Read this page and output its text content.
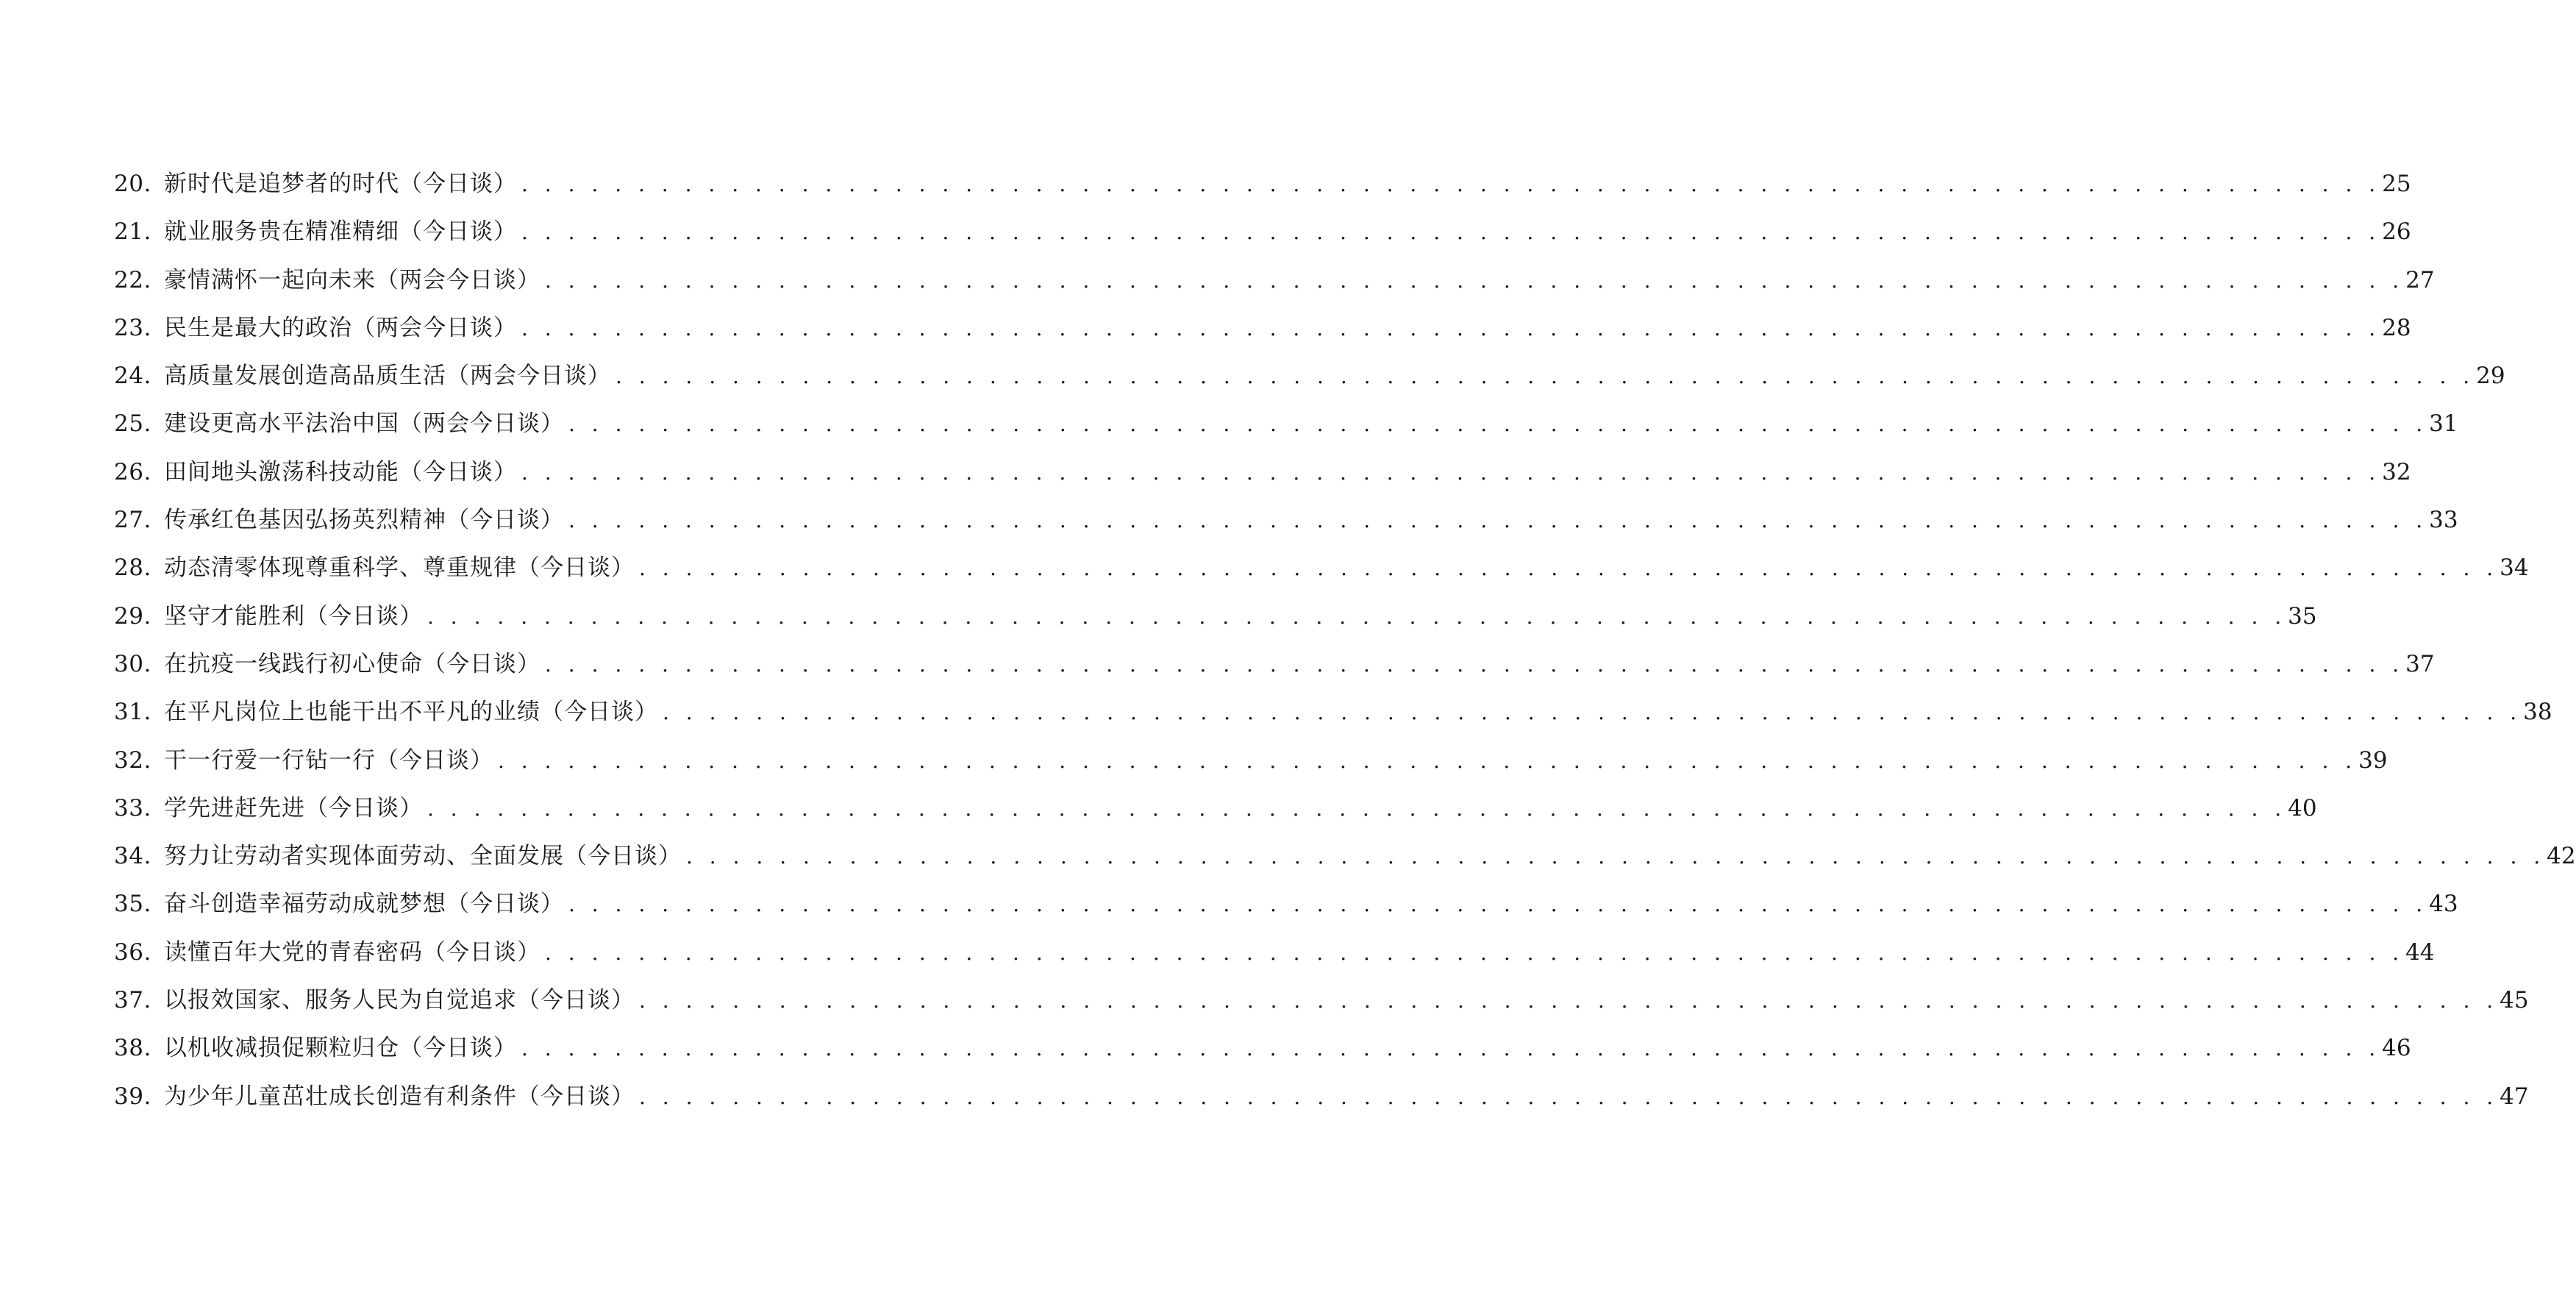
20. 新时代是追梦者的时代（今日谈） . . . . . . . . . . . . . . . . . . . . . . . . . . . . . . . . . . . . . . . . . . . . . . . . . . . . . . . . . . . . . . . . . . . . . . . . . . . . . . . . 25
21. 就业服务贵在精准精细（今日谈） . . . . . . . . . . . . . . . . . . . . . . . . . . . . . . . . . . . . . . . . . . . . . . . . . . . . . . . . . . . . . . . . . . . . . . . . . . . . . . . . 26
22. 豪情满怀一起向未来（两会今日谈） . . . . . . . . . . . . . . . . . . . . . . . . . . . . . . . . . . . . . . . . . . . . . . . . . . . . . . . . . . . . . . . . . . . . . . . . . . . . . . . . 27
23. 民生是最大的政治（两会今日谈） . . . . . . . . . . . . . . . . . . . . . . . . . . . . . . . . . . . . . . . . . . . . . . . . . . . . . . . . . . . . . . . . . . . . . . . . . . . . . . . . 28
24. 高质量发展创造高品质生活（两会今日谈） . . . . . . . . . . . . . . . . . . . . . . . . . . . . . . . . . . . . . . . . . . . . . . . . . . . . . . . . . . . . . . . . . . . . . . . . . . . . . . . . 29
25. 建设更高水平法治中国（两会今日谈） . . . . . . . . . . . . . . . . . . . . . . . . . . . . . . . . . . . . . . . . . . . . . . . . . . . . . . . . . . . . . . . . . . . . . . . . . . . . . . . . 31
26. 田间地头激荡科技动能（今日谈） . . . . . . . . . . . . . . . . . . . . . . . . . . . . . . . . . . . . . . . . . . . . . . . . . . . . . . . . . . . . . . . . . . . . . . . . . . . . . . . . 32
27. 传承红色基因弘扬英烈精神（今日谈） . . . . . . . . . . . . . . . . . . . . . . . . . . . . . . . . . . . . . . . . . . . . . . . . . . . . . . . . . . . . . . . . . . . . . . . . . . . . . . . . 33
28. 动态清零体现尊重科学、尊重规律（今日谈） . . . . . . . . . . . . . . . . . . . . . . . . . . . . . . . . . . . . . . . . . . . . . . . . . . . . . . . . . . . . . . . . . . . . . . . . . . . . . . . . 34
29. 坚守才能胜利（今日谈） . . . . . . . . . . . . . . . . . . . . . . . . . . . . . . . . . . . . . . . . . . . . . . . . . . . . . . . . . . . . . . . . . . . . . . . . . . . . . . . . 35
30. 在抗疫一线践行初心使命（今日谈） . . . . . . . . . . . . . . . . . . . . . . . . . . . . . . . . . . . . . . . . . . . . . . . . . . . . . . . . . . . . . . . . . . . . . . . . . . . . . . . . 37
31. 在平凡岗位上也能干出不平凡的业绩（今日谈） . . . . . . . . . . . . . . . . . . . . . . . . . . . . . . . . . . . . . . . . . . . . . . . . . . . . . . . . . . . . . . . . . . . . . . . . . . . . . . . . 38
32. 干一行爱一行钻一行（今日谈） . . . . . . . . . . . . . . . . . . . . . . . . . . . . . . . . . . . . . . . . . . . . . . . . . . . . . . . . . . . . . . . . . . . . . . . . . . . . . . . . 39
33. 学先进赶先进（今日谈） . . . . . . . . . . . . . . . . . . . . . . . . . . . . . . . . . . . . . . . . . . . . . . . . . . . . . . . . . . . . . . . . . . . . . . . . . . . . . . . . 40
34. 努力让劳动者实现体面劳动、全面发展（今日谈） . . . . . . . . . . . . . . . . . . . . . . . . . . . . . . . . . . . . . . . . . . . . . . . . . . . . . . . . . . . . . . . . . . . . . . . . . . . . . . . . 42
35. 奋斗创造幸福劳动成就梦想（今日谈） . . . . . . . . . . . . . . . . . . . . . . . . . . . . . . . . . . . . . . . . . . . . . . . . . . . . . . . . . . . . . . . . . . . . . . . . . . . . . . . . 43
36. 读懂百年大党的青春密码（今日谈） . . . . . . . . . . . . . . . . . . . . . . . . . . . . . . . . . . . . . . . . . . . . . . . . . . . . . . . . . . . . . . . . . . . . . . . . . . . . . . . . 44
37. 以报效国家、服务人民为自觉追求（今日谈） . . . . . . . . . . . . . . . . . . . . . . . . . . . . . . . . . . . . . . . . . . . . . . . . . . . . . . . . . . . . . . . . . . . . . . . . . . . . . . . . 45
38. 以机收减损促颗粒归仓（今日谈） . . . . . . . . . . . . . . . . . . . . . . . . . . . . . . . . . . . . . . . . . . . . . . . . . . . . . . . . . . . . . . . . . . . . . . . . . . . . . . . . 46
39. 为少年儿童茁壮成长创造有利条件（今日谈） . . . . . . . . . . . . . . . . . . . . . . . . . . . . . . . . . . . . . . . . . . . . . . . . . . . . . . . . . . . . . . . . . . . . . . . . . . . . . . . . 47
